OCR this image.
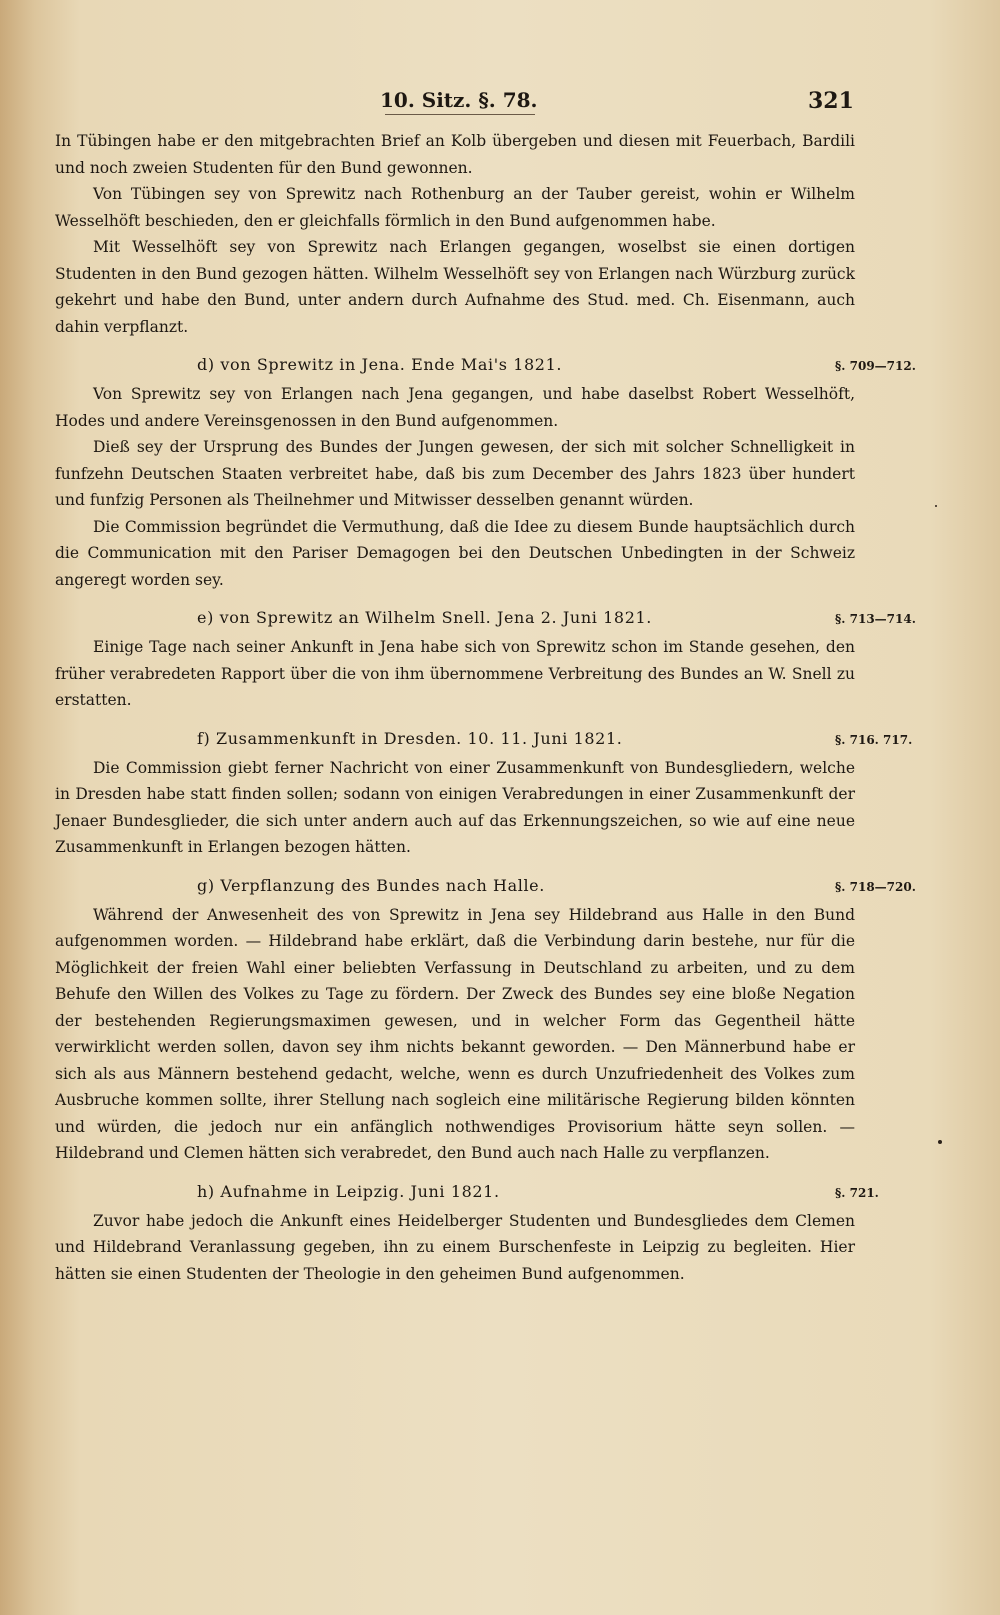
10. Sitz. §. 78.	321

In Tübingen habe er den mitgebrachten Brief an Kolb übergeben und diesen mit Feuerbach, Bardili und noch zweien Studenten für den Bund gewonnen.

Von Tübingen sey von Sprewitz nach Rothenburg an der Tauber gereist, wohin er Wilhelm Wesselhöft beschieden, den er gleichfalls förmlich in den Bund aufgenommen habe.

Mit Wesselhöft sey von Sprewitz nach Erlangen gegangen, woselbst sie einen dortigen Studenten in den Bund gezogen hätten. Wilhelm Wesselhöft sey von Erlangen nach Würzburg zurück gekehrt und habe den Bund, unter andern durch Aufnahme des Stud. med. Ch. Eisenmann, auch dahin verpflanzt.

d) von Sprewitz in Jena. Ende Mai's 1821.	§. 709—712.

Von Sprewitz sey von Erlangen nach Jena gegangen, und habe daselbst Robert Wesselhöft, Hodes und andere Vereinsgenossen in den Bund aufgenommen.

Dieß sey der Ursprung des Bundes der Jungen gewesen, der sich mit solcher Schnelligkeit in funfzehn Deutschen Staaten verbreitet habe, daß bis zum December des Jahrs 1823 über hundert und funfzig Personen als Theilnehmer und Mitwisser desselben genannt würden.

Die Commission begründet die Vermuthung, daß die Idee zu diesem Bunde hauptsächlich durch die Communication mit den Pariser Demagogen bei den Deutschen Unbedingten in der Schweiz angeregt worden sey.

e) von Sprewitz an Wilhelm Snell. Jena 2. Juni 1821.	§. 713—714.

Einige Tage nach seiner Ankunft in Jena habe sich von Sprewitz schon im Stande gesehen, den früher verabredeten Rapport über die von ihm übernommene Verbreitung des Bundes an W. Snell zu erstatten.

f) Zusammenkunft in Dresden. 10. 11. Juni 1821.	§. 716. 717.

Die Commission giebt ferner Nachricht von einer Zusammenkunft von Bundesgliedern, welche in Dresden habe statt finden sollen; sodann von einigen Verabredungen in einer Zusammenkunft der Jenaer Bundesglieder, die sich unter andern auch auf das Erkennungszeichen, so wie auf eine neue Zusammenkunft in Erlangen bezogen hätten.

g) Verpflanzung des Bundes nach Halle.	§. 718—720.

Während der Anwesenheit des von Sprewitz in Jena sey Hildebrand aus Halle in den Bund aufgenommen worden. — Hildebrand habe erklärt, daß die Verbindung darin bestehe, nur für die Möglichkeit der freien Wahl einer beliebten Verfassung in Deutschland zu arbeiten, und zu dem Behufe den Willen des Volkes zu Tage zu fördern. Der Zweck des Bundes sey eine bloße Negation der bestehenden Regierungsmaximen gewesen, und in welcher Form das Gegentheil hätte verwirklicht werden sollen, davon sey ihm nichts bekannt geworden. — Den Männerbund habe er sich als aus Männern bestehend gedacht, welche, wenn es durch Unzufriedenheit des Volkes zum Ausbruche kommen sollte, ihrer Stellung nach sogleich eine militärische Regierung bilden könnten und würden, die jedoch nur ein anfänglich nothwendiges Provisorium hätte seyn sollen. — Hildebrand und Clemen hätten sich verabredet, den Bund auch nach Halle zu verpflanzen.

h) Aufnahme in Leipzig. Juni 1821.	§. 721.

Zuvor habe jedoch die Ankunft eines Heidelberger Studenten und Bundesgliedes dem Clemen und Hildebrand Veranlassung gegeben, ihn zu einem Burschenfeste in Leipzig zu begleiten. Hier hätten sie einen Studenten der Theologie in den geheimen Bund aufgenommen.
